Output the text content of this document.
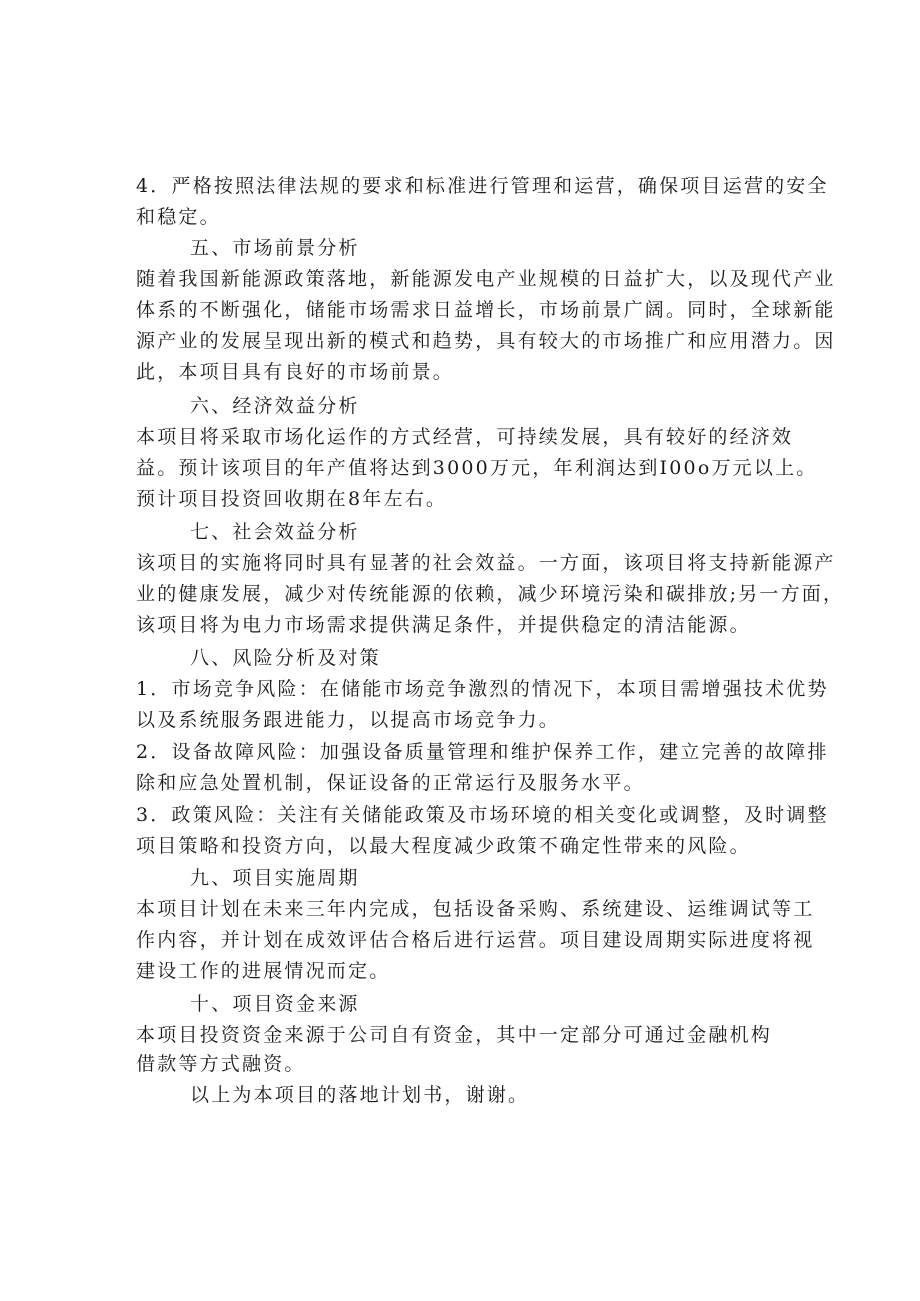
4．严格按照法律法规的要求和标准进行管理和运营，确保项目运营的安全
和稳定。
五、市场前景分析
随着我国新能源政策落地，新能源发电产业规模的日益扩大，以及现代产业
体系的不断强化，储能市场需求日益增长，市场前景广阔。同时，全球新能
源产业的发展呈现出新的模式和趋势，具有较大的市场推广和应用潜力。因
此，本项目具有良好的市场前景。
六、经济效益分析
本项目将采取市场化运作的方式经营，可持续发展，具有较好的经济效
益。预计该项目的年产值将达到3000万元，年利润达到I00o万元以上。
预计项目投资回收期在8年左右。
七、社会效益分析
该项目的实施将同时具有显著的社会效益。一方面，该项目将支持新能源产
业的健康发展，减少对传统能源的依赖，减少环境污染和碳排放;另一方面，
该项目将为电力市场需求提供满足条件，并提供稳定的清洁能源。
八、风险分析及对策
1．市场竞争风险：在储能市场竞争激烈的情况下，本项目需增强技术优势
以及系统服务跟进能力，以提高市场竞争力。
2．设备故障风险：加强设备质量管理和维护保养工作，建立完善的故障排
除和应急处置机制，保证设备的正常运行及服务水平。
3．政策风险：关注有关储能政策及市场环境的相关变化或调整，及时调整
项目策略和投资方向，以最大程度减少政策不确定性带来的风险。
九、项目实施周期
本项目计划在未来三年内完成，包括设备采购、系统建设、运维调试等工
作内容，并计划在成效评估合格后进行运营。项目建设周期实际进度将视
建设工作的进展情况而定。
十、项目资金来源
本项目投资资金来源于公司自有资金，其中一定部分可通过金融机构
借款等方式融资。
以上为本项目的落地计划书，谢谢。
